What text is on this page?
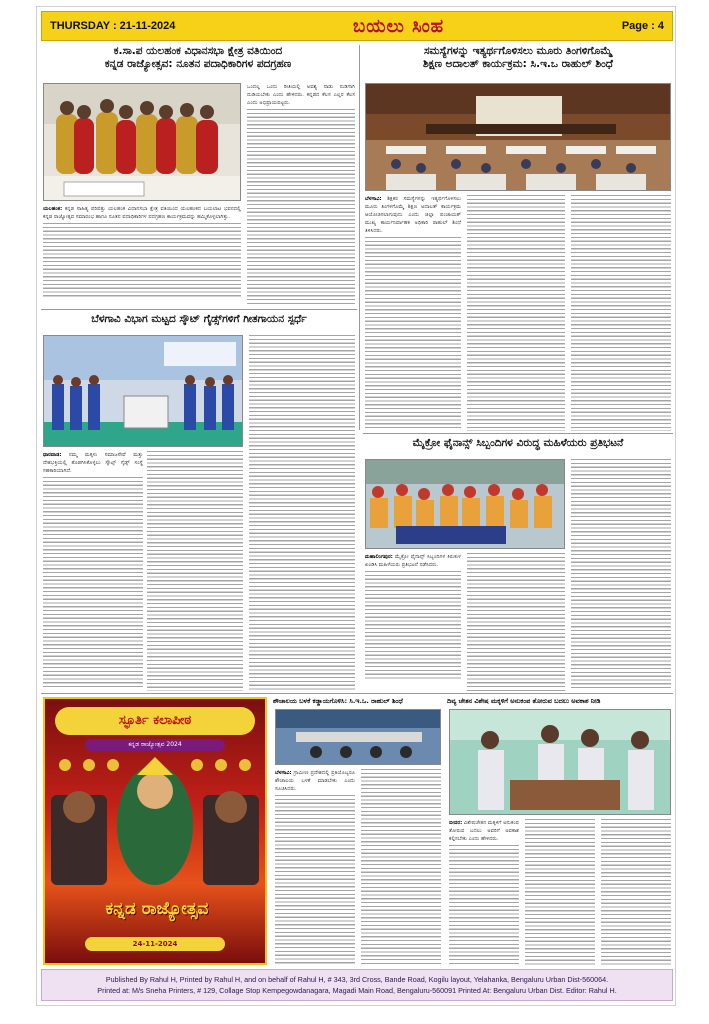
THURSDAY : 21-11-2024	ಬಯಲು ಸಿಂಹ	Page : 4
ಕ.ಸಾ.ಪ ಯಲಹಂಕ ವಿಧಾನಸಭಾ ಕ್ಷೇತ್ರ ವತಿಯಿಂದ
ಕನ್ನಡ ರಾಜ್ಯೋತ್ಸವ: ನೂತನ ಪದಾಧಿಕಾರಿಗಳ ಪದಗ್ರಹಣ
ಯಲಹಂಕ: ಕನ್ನಡ ಸಾಹಿತ್ಯ ಪರಿಷತ್ತು ಯಲಹಂಕ ವಿಧಾನಸಭಾ ಕ್ಷೇತ್ರ ವತಿಯಿಂದ ಯಲಹಂಕದ ಬಯಲಾಟ ಭವನದಲ್ಲಿ ಕನ್ನಡ ರಾಜ್ಯೋತ್ಸವ ಸಮಾರಂಭ ಹಾಗೂ ನೂತನ ಪದಾಧಿಕಾರಿಗಳ ಪದಗ್ರಹಣ ಕಾರ್ಯಕ್ರಮವನ್ನು ಹಮ್ಮಿಕೊಳ್ಳಲಾಗಿತ್ತು.
ಒಂದಲ್ಲ ಒಂದು ರೀತಿಯಲ್ಲಿ ಅವಶ್ಯ ನಾಡು ನುಡಿಗಾಗಿ ದುಡಿಯಬೇಕು ಎಂದು ಹೇಳಿದರು. ಕನ್ನಡದ ಕೆಲಸ ಎಲ್ಲರ ಕೆಲಸ ಎಂದು ಅಭಿಪ್ರಾಯಪಟ್ಟರು.
ಸಮಸ್ಯೆಗಳನ್ನು ಇತ್ಯರ್ಥಗೊಳಿಸಲು ಮೂರು ತಿಂಗಳಿಗೊಮ್ಮೆ
ಶಿಕ್ಷಣ ಅದಾಲತ್ ಕಾರ್ಯಕ್ರಮ: ಸಿ.ಇ.ಒ ರಾಹುಲ್ ಶಿಂಧೆ
ಬೆಳಗಾವಿ: ಶಿಕ್ಷಕರ ಸಮಸ್ಯೆಗಳನ್ನು ಇತ್ಯರ್ಥಗೊಳಿಸಲು ಮೂರು ತಿಂಗಳಿಗೊಮ್ಮೆ ಶಿಕ್ಷಣ ಅದಾಲತ್ ಕಾರ್ಯಕ್ರಮ ಆಯೋಜಿಸಲಾಗುವುದು ಎಂದು ಜಿಲ್ಲಾ ಪಂಚಾಯತ್ ಮುಖ್ಯ ಕಾರ್ಯನಿರ್ವಾಹಕ ಅಧಿಕಾರಿ ರಾಹುಲ್ ಶಿಂಧೆ ತಿಳಿಸಿದರು.
ಬೆಳಗಾವಿ ವಿಭಾಗ ಮಟ್ಟದ ಸ್ಕೌಟ್ ಗೈಡ್ಸ್‌ಗಳಿಗೆ ಗೀತಗಾಯನ ಸ್ಪರ್ಧೆ
ಧಾರವಾಡ: ನಮ್ಮ ಮಕ್ಕಳು ಸಮಾಜಸೇವೆ ಮತ್ತು ದೇಶಭಕ್ತಿಯಲ್ಲಿ ತೊಡಗಿಸಿಕೊಳ್ಳಲು ಸ್ಕೌಟ್ಸ್ ಗೈಡ್ಸ್ ಸಂಸ್ಥೆ ಸಹಕಾರಿಯಾಗಿದೆ.
ಮೈಕ್ರೋ ಫೈನಾನ್ಸ್ ಸಿಬ್ಬಂದಿಗಳ ವಿರುದ್ಧ ಮಹಿಳೆಯರು ಪ್ರತಿಭಟನೆ
ಮಹಾಲಿಂಗಪುರ: ಮೈಕ್ರೋ ಫೈನಾನ್ಸ್ ಸಿಬ್ಬಂದಿಗಳ ಕಿರುಕುಳ ಖಂಡಿಸಿ ಮಹಿಳೆಯರು ಪ್ರತಿಭಟನೆ ನಡೆಸಿದರು.
ಸ್ಫೂರ್ತಿ ಕಲಾಪೀಠ
ಕನ್ನಡ ರಾಜ್ಯೋತ್ಸವ 2024
ಕನ್ನಡ ರಾಜ್ಯೋತ್ಸವ
24-11-2024
ಶೌಚಾಲಯ ಬಳಕೆ ಕಡ್ಡಾಯಗೊಳಿಸಿ: ಸಿ.ಇ.ಒ. ರಾಹುಲ್ ಶಿಂಧೆ
ಬೆಳಗಾವಿ: ಗ್ರಾಮೀಣ ಪ್ರದೇಶದಲ್ಲಿ ಪ್ರತಿಯೊಬ್ಬರೂ ಶೌಚಾಲಯ ಬಳಕೆ ಮಾಡಬೇಕು ಎಂದು ಸೂಚಿಸಿದರು.
ದಿವ್ಯ ಚೇತನ ವಿಶೇಷ ಮಕ್ಕಳಿಗೆ ಅನುಕಂಪ ತೋರುವ ಬದಲು ಅವಕಾಶ ನೀಡಿ
ಬೀದರ: ವಿಶೇಷಚೇತನ ಮಕ್ಕಳಿಗೆ ಅನುಕಂಪ ತೋರುವ ಬದಲು ಅವರಿಗೆ ಅವಕಾಶ ಕಲ್ಪಿಸಬೇಕು ಎಂದು ಹೇಳಿದರು.
Published By Rahul H, Printed by Rahul H, and on behalf of Rahul H, # 343, 3rd Cross, Bande Road, Kogilu layout, Yelahanka, Bengaluru Urban Dist-560064.
Printed at: M/s Sneha Printers, # 129, Collage Stop Kempegowdanagara, Magadi Main Road, Bengaluru-560091 Printed At: Bengaluru Urban Dist. Editor: Rahul H.
